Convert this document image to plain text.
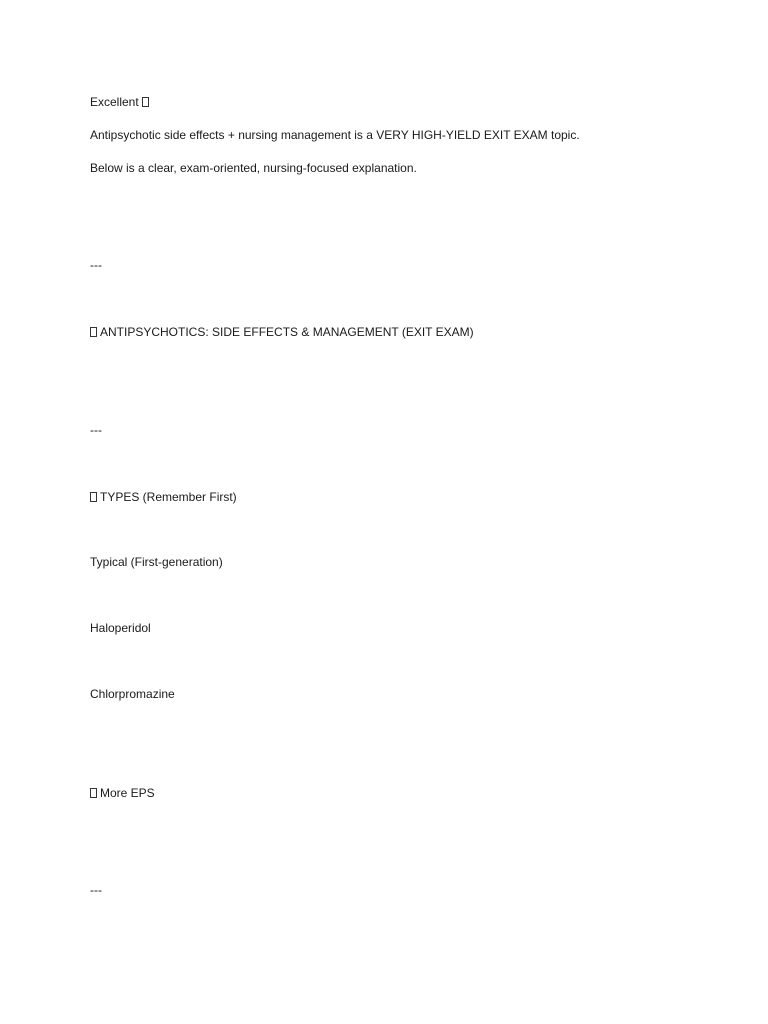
Excellent
Antipsychotic side effects + nursing management is a VERY HIGH-YIELD EXIT EXAM topic.
Below is a clear, exam-oriented, nursing-focused explanation.
---
ANTIPSYCHOTICS: SIDE EFFECTS & MANAGEMENT (EXIT EXAM)
---
TYPES (Remember First)
Typical (First-generation)
Haloperidol
Chlorpromazine
More EPS
---
